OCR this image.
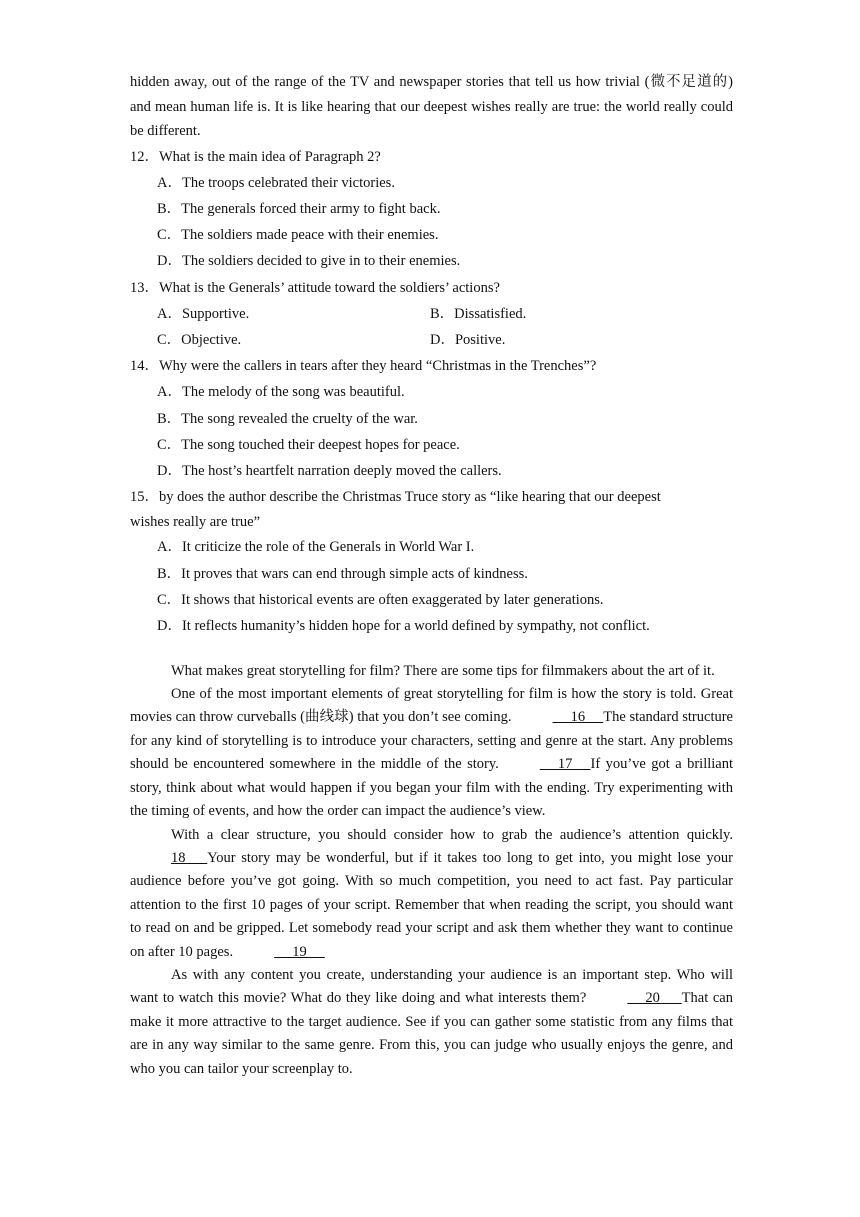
hidden away, out of the range of the TV and newspaper stories that tell us how trivial (微不足道的) and mean human life is. It is like hearing that our deepest wishes really are true: the world really could be different.

12．What is the main idea of Paragraph 2?

A．The troops celebrated their victories.

B．The generals forced their army to fight back.

C．The soldiers made peace with their enemies.

D．The soldiers decided to give in to their enemies.

13．What is the Generals’ attitude toward the soldiers’ actions?

A．Supportive.	B．Dissatisfied.
C．Objective.	D．Positive.

14．Why were the callers in tears after they heard “Christmas in the Trenches”?

A．The melody of the song was beautiful.

B．The song revealed the cruelty of the war.

C．The song touched their deepest hopes for peace.

D．The host’s heartfelt narration deeply moved the callers.

15．by does the author describe the Christmas Truce story as “like hearing that our deepest

wishes really are true”

A．It criticize the role of the Generals in World War I.

B．It proves that wars can end through simple acts of kindness.

C．It shows that historical events are often exaggerated by later generations.

D．It reflects humanity’s hidden hope for a world defined by sympathy, not conflict.

What makes great storytelling for film? There are some tips for filmmakers about the art of it.

One of the most important elements of great storytelling for film is how the story is told. Great movies can throw curveballs (曲线球) that you don’t see coming.	16     The standard structure for any kind of storytelling is to introduce your characters, setting and genre at the start. Any problems should be encountered somewhere in the middle of the story.	17     If you’ve got a brilliant story, think about what would happen if you began your film with the ending. Try experimenting with the timing of events, and how the order can impact the audience’s view.

With a clear structure, you should consider how to grab the audience’s attention quickly. 18      Your story may be wonderful, but if it takes too long to get into, you might lose your audience before you’ve got going. With so much competition, you need to act fast. Pay particular attention to the first 10 pages of your script. Remember that when reading the script, you should want to read on and be gripped. Let somebody read your script and ask them whether they want to continue on after 10 pages.	19

As with any content you create, understanding your audience is an important step. Who will want to watch this movie? What do they like doing and what interests them?	20      That can make it more attractive to the target audience. See if you can gather some statistic from any films that are in any way similar to the same genre. From this, you can judge who usually enjoys the genre, and who you can tailor your screenplay to.
